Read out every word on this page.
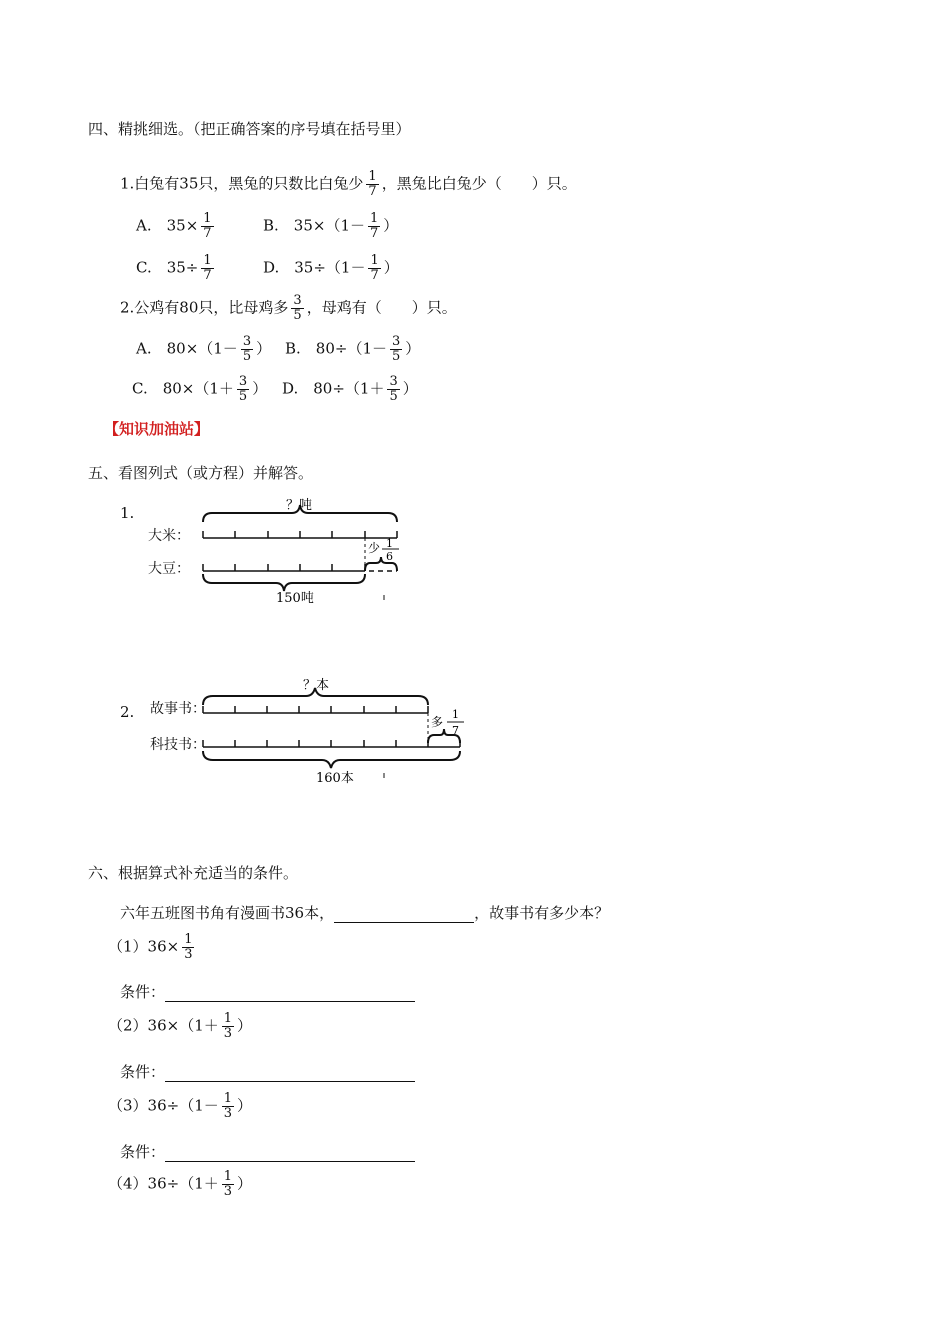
四、精挑细选。（把正确答案的序号填在括号里）
1.白兔有35只，黑兔的只数比白兔少 $\frac{1}{7}$ ，黑兔比白兔少（　　）只。
A.　$35\times \frac{1}{7}$	B.　$35\times(1- \frac{1}{7}$ ）
C.　$35\div \frac{1}{7}$	D.　$35\div(1- \frac{1}{7}$ ）
2.公鸡有80只，比母鸡多 $\frac{3}{5}$ ，母鸡有（　　）只。
A.　$80\times(1- \frac{3}{5}$ ） B.　$80\div(1- \frac{3}{5}$ ）
C.　$80\times(1+ \frac{3}{5}$ ） D.　$80\div(1+ \frac{3}{5}$ ）
【知识加油站】
五、看图列式（或方程）并解答。
1.
大米：
大豆：
？吨
少 1
6
150吨
2. 故事书：
科技书：
？本
多
1
7
160本
六、根据算式补充适当的条件。
六年五班图书角有漫画书36本，	，故事书有多少本？
$(1)36\times \frac{1}{3}$
条件：
$(2)36\times(1+ \frac{1}{3}$ ）
条件：
$(3)36\div(1- \frac{1}{3}$ ）
条件：
$(4)36\div(1+ \frac{1}{3}$ ）
